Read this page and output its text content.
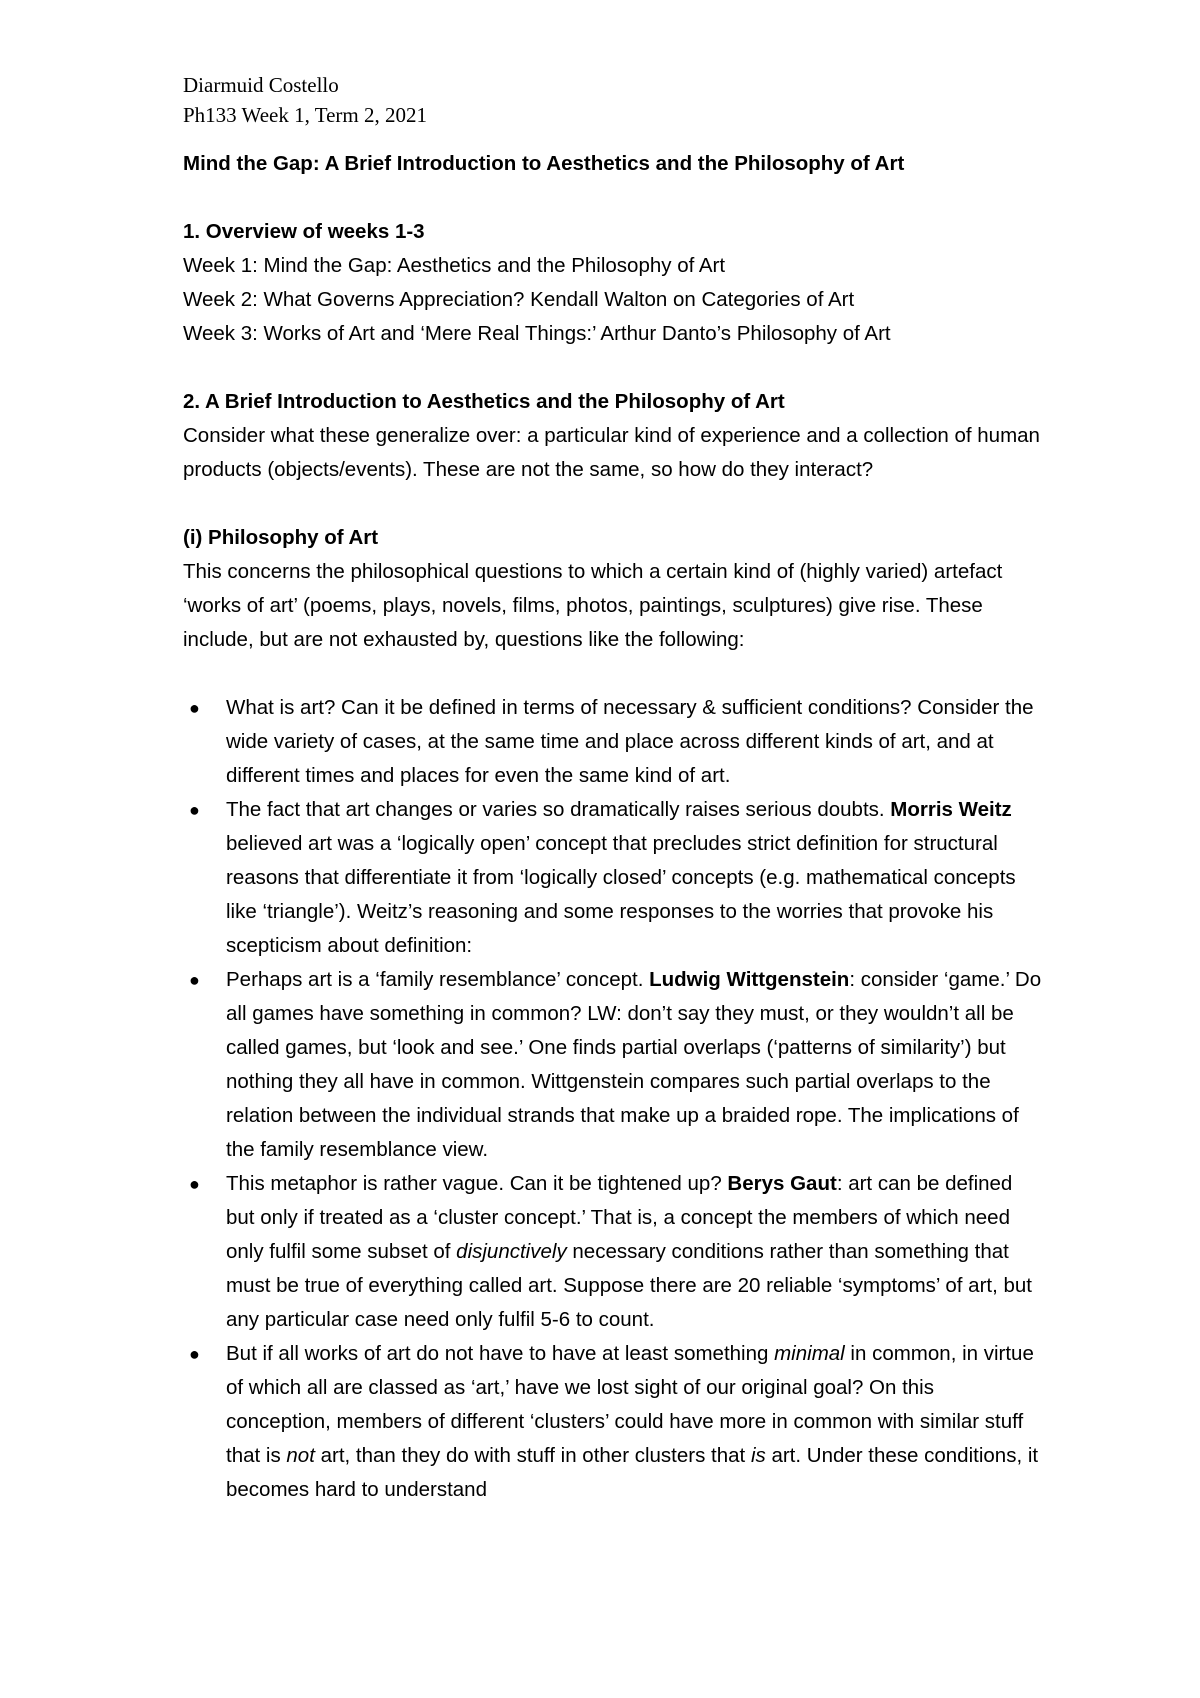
Diarmuid Costello
Ph133 Week 1, Term 2, 2021
Mind the Gap: A Brief Introduction to Aesthetics and the Philosophy of Art
1. Overview of weeks 1-3
Week 1: Mind the Gap: Aesthetics and the Philosophy of Art
Week 2: What Governs Appreciation? Kendall Walton on Categories of Art
Week 3: Works of Art and ‘Mere Real Things:’ Arthur Danto’s Philosophy of Art
2. A Brief Introduction to Aesthetics and the Philosophy of Art
Consider what these generalize over: a particular kind of experience and a collection of human products (objects/events). These are not the same, so how do they interact?
(i) Philosophy of Art
This concerns the philosophical questions to which a certain kind of (highly varied) artefact ‘works of art’ (poems, plays, novels, films, photos, paintings, sculptures) give rise. These include, but are not exhausted by, questions like the following:
● What is art? Can it be defined in terms of necessary & sufficient conditions? Consider the wide variety of cases, at the same time and place across different kinds of art, and at different times and places for even the same kind of art.
● The fact that art changes or varies so dramatically raises serious doubts. Morris Weitz believed art was a ‘logically open’ concept that precludes strict definition for structural reasons that differentiate it from ‘logically closed’ concepts (e.g. mathematical concepts like ‘triangle’). Weitz’s reasoning and some responses to the worries that provoke his scepticism about definition:
● Perhaps art is a ‘family resemblance’ concept. Ludwig Wittgenstein: consider ‘game.’ Do all games have something in common? LW: don’t say they must, or they wouldn’t all be called games, but ‘look and see.’ One finds partial overlaps (‘patterns of similarity’) but nothing they all have in common. Wittgenstein compares such partial overlaps to the relation between the individual strands that make up a braided rope. The implications of the family resemblance view.
● This metaphor is rather vague. Can it be tightened up? Berys Gaut: art can be defined but only if treated as a ‘cluster concept.’ That is, a concept the members of which need only fulfil some subset of disjunctively necessary conditions rather than something that must be true of everything called art. Suppose there are 20 reliable ‘symptoms’ of art, but any particular case need only fulfil 5-6 to count.
● But if all works of art do not have to have at least something minimal in common, in virtue of which all are classed as ‘art,’ have we lost sight of our original goal? On this conception, members of different ‘clusters’ could have more in common with similar stuff that is not art, than they do with stuff in other clusters that is art. Under these conditions, it becomes hard to understand
